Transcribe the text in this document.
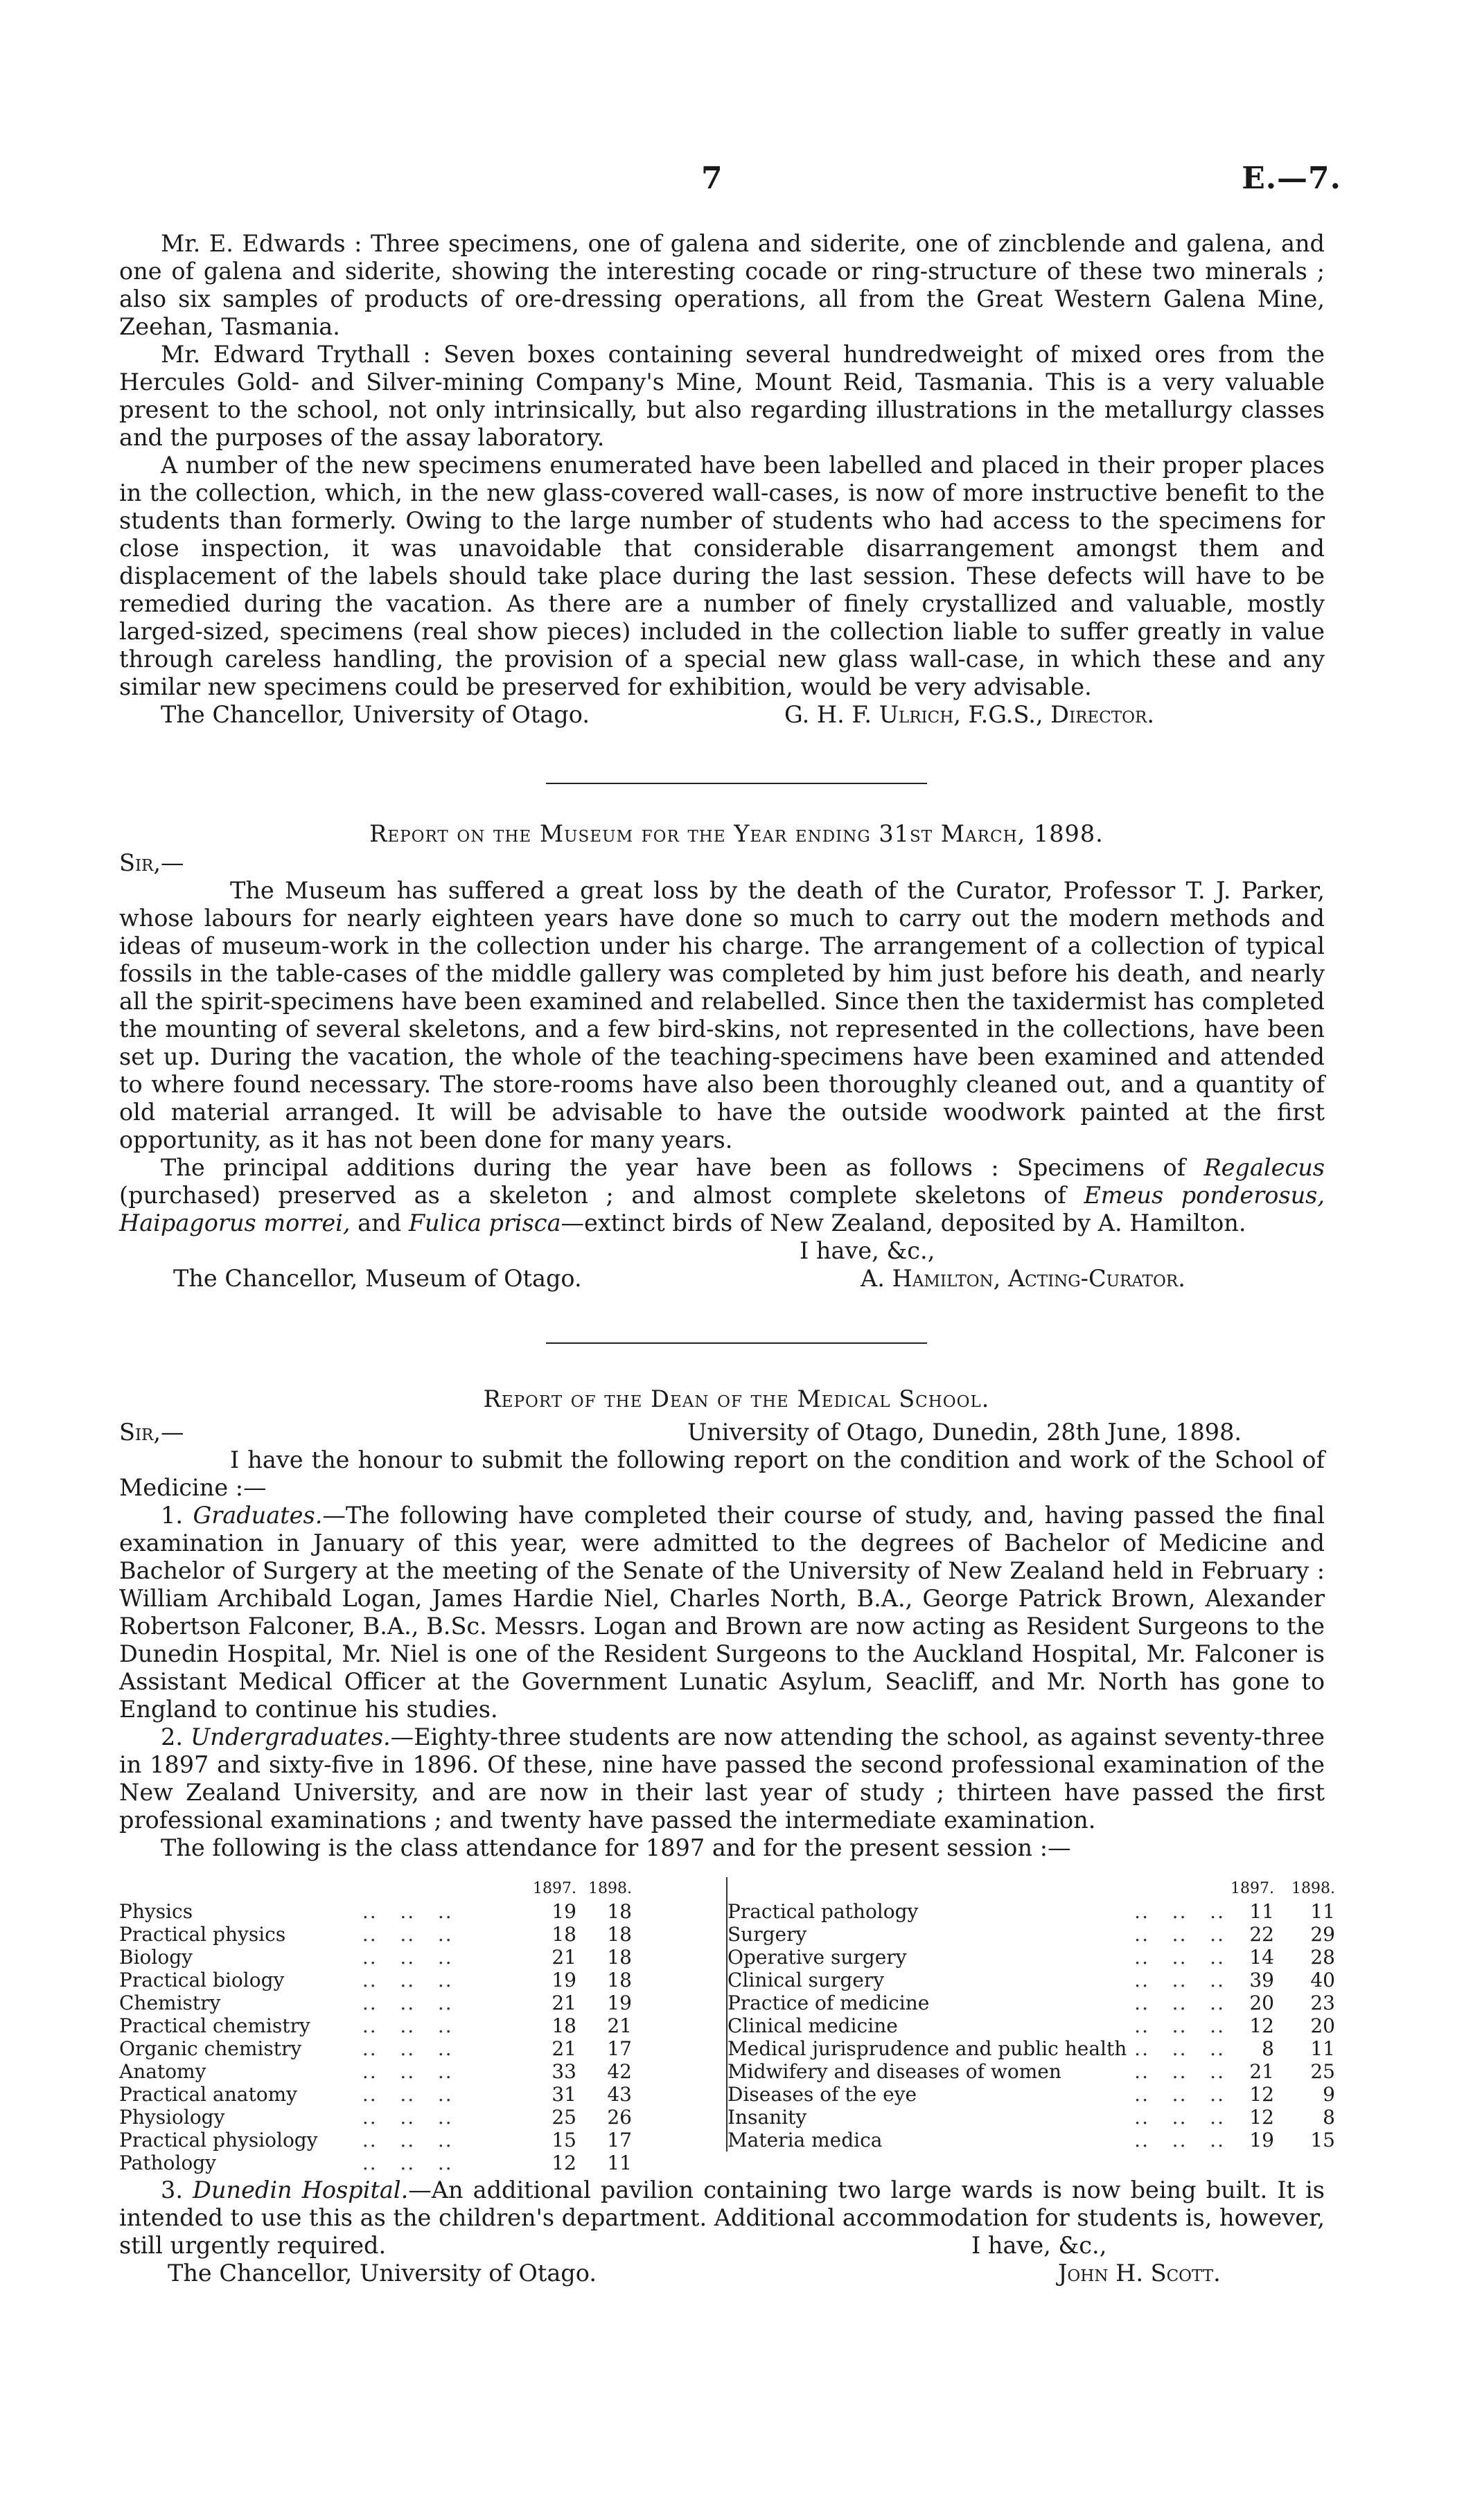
7	E.—7.

Mr. E. Edwards : Three specimens, one of galena and siderite, one of zincblende and galena, and one of galena and siderite, showing the interesting cocade or ring-structure of these two minerals ; also six samples of products of ore-dressing operations, all from the Great Western Galena Mine, Zeehan, Tasmania.

Mr. Edward Trythall : Seven boxes containing several hundredweight of mixed ores from the Hercules Gold- and Silver-mining Company's Mine, Mount Reid, Tasmania. This is a very valuable present to the school, not only intrinsically, but also regarding illustrations in the metallurgy classes and the purposes of the assay laboratory.

A number of the new specimens enumerated have been labelled and placed in their proper places in the collection, which, in the new glass-covered wall-cases, is now of more instructive benefit to the students than formerly. Owing to the large number of students who had access to the specimens for close inspection, it was unavoidable that considerable disarrangement amongst them and displacement of the labels should take place during the last session. These defects will have to be remedied during the vacation. As there are a number of finely crystallized and valuable, mostly larged-sized, specimens (real show pieces) included in the collection liable to suffer greatly in value through careless handling, the provision of a special new glass wall-case, in which these and any similar new specimens could be preserved for exhibition, would be very advisable.

The Chancellor, University of Otago.	G. H. F. Ulrich, F.G.S., Director.
Report on the Museum for the Year ending 31st March, 1898.
Sir,—

The Museum has suffered a great loss by the death of the Curator, Professor T. J. Parker, whose labours for nearly eighteen years have done so much to carry out the modern methods and ideas of museum-work in the collection under his charge. The arrangement of a collection of typical fossils in the table-cases of the middle gallery was completed by him just before his death, and nearly all the spirit-specimens have been examined and relabelled. Since then the taxidermist has completed the mounting of several skeletons, and a few bird-skins, not represented in the collections, have been set up. During the vacation, the whole of the teaching-specimens have been examined and attended to where found necessary. The store-rooms have also been thoroughly cleaned out, and a quantity of old material arranged. It will be advisable to have the outside woodwork painted at the first opportunity, as it has not been done for many years.

The principal additions during the year have been as follows : Specimens of Regalecus (purchased) preserved as a skeleton ; and almost complete skeletons of Emeus ponderosus, Haipagorus morrei, and Fulica prisca—extinct birds of New Zealand, deposited by A. Hamilton.

I have, &c.,
The Chancellor, Museum of Otago.	A. Hamilton, Acting-Curator.
Report of the Dean of the Medical School.
Sir,—	University of Otago, Dunedin, 28th June, 1898.

I have the honour to submit the following report on the condition and work of the School of Medicine :—

1. Graduates.—The following have completed their course of study, and, having passed the final examination in January of this year, were admitted to the degrees of Bachelor of Medicine and Bachelor of Surgery at the meeting of the Senate of the University of New Zealand held in February : William Archibald Logan, James Hardie Niel, Charles North, B.A., George Patrick Brown, Alexander Robertson Falconer, B.A., B.Sc. Messrs. Logan and Brown are now acting as Resident Surgeons to the Dunedin Hospital, Mr. Niel is one of the Resident Surgeons to the Auckland Hospital, Mr. Falconer is Assistant Medical Officer at the Government Lunatic Asylum, Seacliff, and Mr. North has gone to England to continue his studies.

2. Undergraduates.—Eighty-three students are now attending the school, as against seventy-three in 1897 and sixty-five in 1896. Of these, nine have passed the second professional examination of the New Zealand University, and are now in their last year of study ; thirteen have passed the first professional examinations ; and twenty have passed the intermediate examination.

The following is the class attendance for 1897 and for the present session :—

		1897.	1898.
Physics	..   ..   ..	19	18
Practical physics	..   ..   ..	18	18
Biology	..   ..   ..	21	18
Practical biology	..   ..   ..	19	18
Chemistry	..   ..   ..	21	19
Practical chemistry	..   ..   ..	18	21
Organic chemistry	..   ..   ..	21	17
Anatomy	..   ..   ..	33	42
Practical anatomy	..   ..   ..	31	43
Physiology	..   ..   ..	25	26
Practical physiology	..   ..   ..	15	17
Pathology	..   ..   ..	12	11
		1897.	1898.
Practical pathology	..   ..   ..	11	11
Surgery	..   ..   ..	22	29
Operative surgery	..   ..   ..	14	28
Clinical surgery	..   ..   ..	39	40
Practice of medicine	..   ..   ..	20	23
Clinical medicine	..   ..   ..	12	20
Medical jurisprudence and public health	..   ..   ..	8	11
Midwifery and diseases of women	..   ..   ..	21	25
Diseases of the eye	..   ..   ..	12	9
Insanity	..   ..   ..	12	8
Materia medica	..   ..   ..	19	15

3. Dunedin Hospital.—An additional pavilion containing two large wards is now being built. It is intended to use this as the children's department. Additional accommodation for students is, however, still urgently required.	I have, &c.,
The Chancellor, University of Otago.	John H. Scott.
